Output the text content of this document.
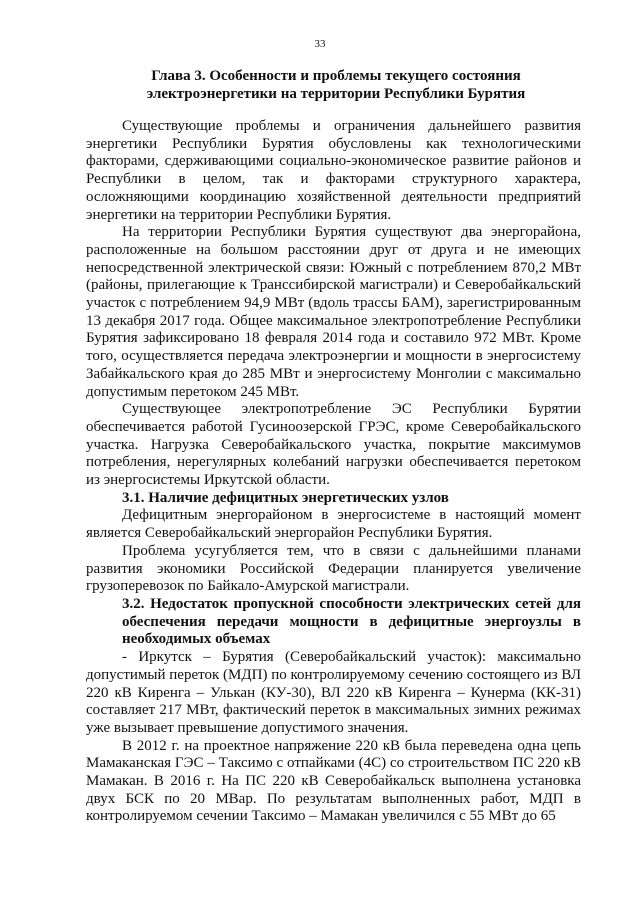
33
Глава 3. Особенности и проблемы текущего состояния электроэнергетики на территории Республики Бурятия

Существующие проблемы и ограничения дальнейшего развития энергетики Республики Бурятия обусловлены как технологическими факторами, сдерживающими социально-экономическое развитие районов и Республики в целом, так и факторами структурного характера, осложняющими координацию хозяйственной деятельности предприятий энергетики на территории Республики Бурятия.

На территории Республики Бурятия существуют два энергорайона, расположенные на большом расстоянии друг от друга и не имеющих непосредственной электрической связи: Южный с потреблением 870,2 МВт (районы, прилегающие к Транссибирской магистрали) и Северобайкальский участок с потреблением 94,9 МВт (вдоль трассы БАМ), зарегистрированным 13 декабря 2017 года. Общее максимальное электропотребление Республики Бурятия зафиксировано 18 февраля 2014 года и составило 972 МВт. Кроме того, осуществляется передача электроэнергии и мощности в энергосистему Забайкальского края до 285 МВт и энергосистему Монголии с максимально допустимым перетоком 245 МВт.

Существующее электропотребление ЭС Республики Бурятии обеспечивается работой Гусиноозерской ГРЭС, кроме Северобайкальского участка. Нагрузка Северобайкальского участка, покрытие максимумов потребления, нерегулярных колебаний нагрузки обеспечивается перетоком из энергосистемы Иркутской области.

3.1. Наличие дефицитных энергетических узлов

Дефицитным энергорайоном в энергосистеме в настоящий момент является Северобайкальский энергорайон Республики Бурятия.

Проблема усугубляется тем, что в связи с дальнейшими планами развития экономики Российской Федерации планируется увеличение грузоперевозок по Байкало-Амурской магистрали.

3.2. Недостаток пропускной способности электрических сетей для обеспечения передачи мощности в дефицитные энергоузлы в необходимых объемах

- Иркутск – Бурятия (Северобайкальский участок): максимально допустимый переток (МДП) по контролируемому сечению состоящего из ВЛ 220 кВ Киренга – Улькан (КУ-30), ВЛ 220 кВ Киренга – Кунерма (КК-31) составляет 217 МВт, фактический переток в максимальных зимних режимах уже вызывает превышение допустимого значения.

В 2012 г. на проектное напряжение 220 кВ была переведена одна цепь Мамаканская ГЭС – Таксимо с отпайками (4С) со строительством ПС 220 кВ Мамакан. В 2016 г. На ПС 220 кВ Северобайкальск выполнена установка двух БСК по 20 МВар. По результатам выполненных работ, МДП в контролируемом сечении Таксимо – Мамакан увеличился с 55 МВт до 65
